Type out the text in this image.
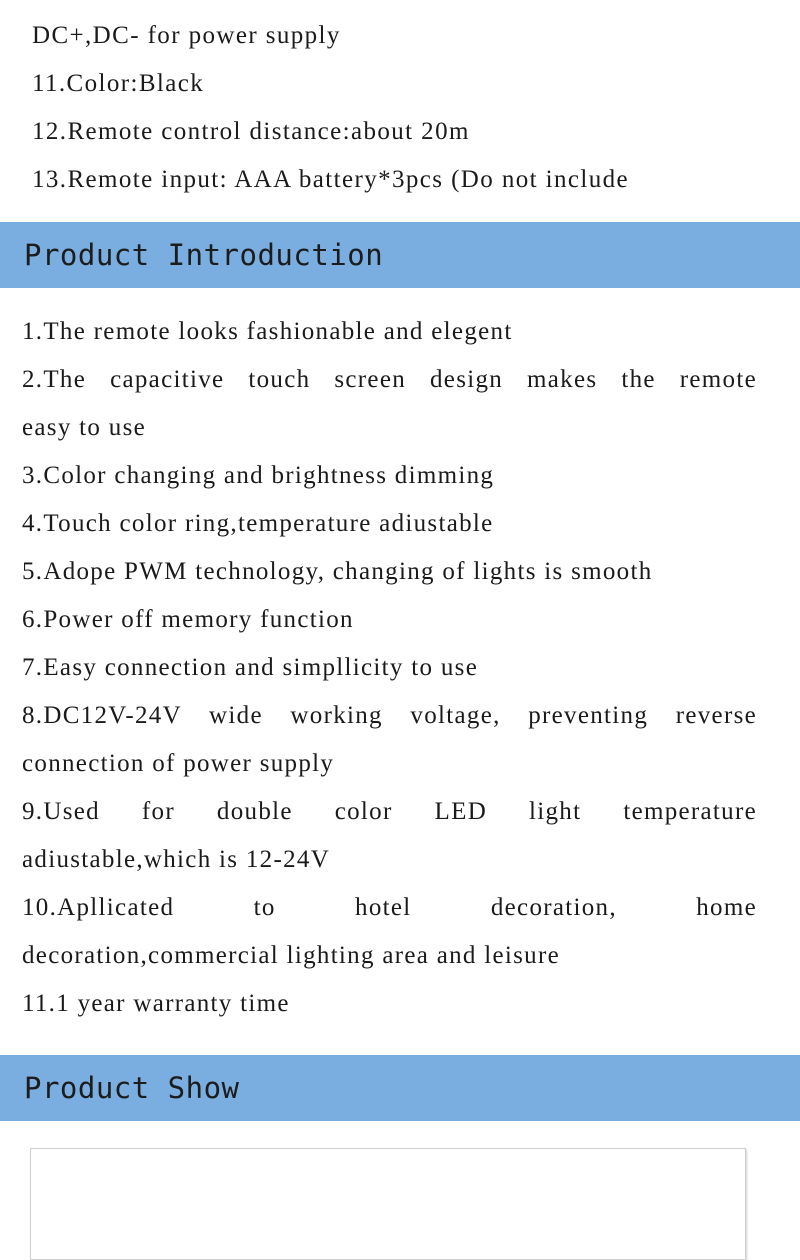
DC+,DC- for power supply
11.Color:Black
12.Remote control distance:about 20m
13.Remote input: AAA battery*3pcs (Do not include
Product Introduction
1.The remote looks fashionable and elegent
2.The capacitive touch screen design makes the remote
easy to use
3.Color changing and brightness dimming
4.Touch color ring,temperature adiustable
5.Adope PWM technology, changing of lights is smooth
6.Power off memory function
7.Easy connection and simpllicity to use
8.DC12V-24V wide working voltage, preventing reverse
connection of power supply
9.Used for double color LED light temperature
adiustable,which is 12-24V
10.Apllicated to hotel decoration, home
decoration,commercial lighting area and leisure
11.1 year warranty time
Product Show
